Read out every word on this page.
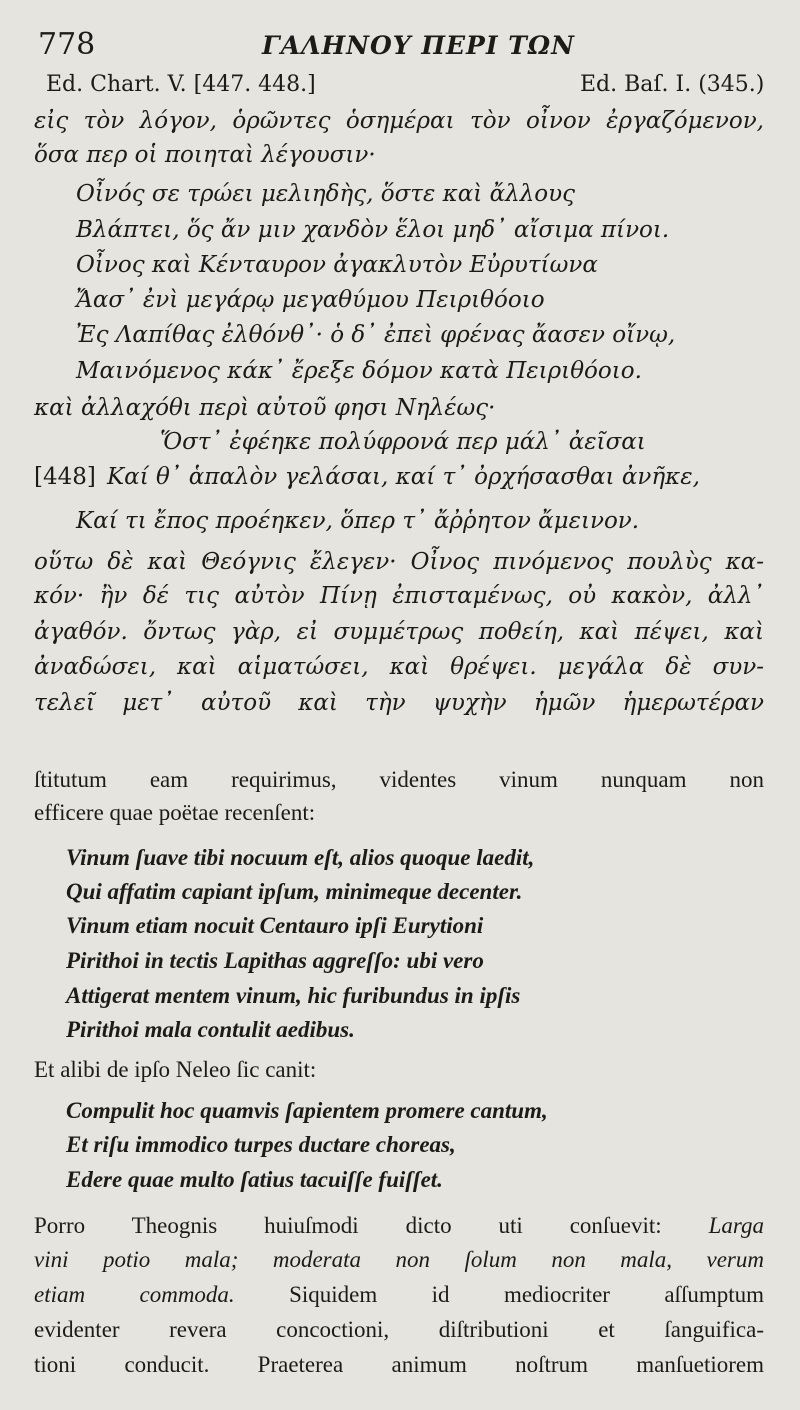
778	ΓΑΛΗΝΟΥ ΠΕΡΙ ΤΩΝ
Ed. Chart. V. [447. 448.]	Ed. Baſ. I. (345.)
εἰς τὸν λόγον, ὁρῶντες ὁσημέραι τὸν οἶνον ἐργαζόμενον,
ὅσα περ οἱ ποιηταὶ λέγουσιν·
Οἶνός σε τρώει μελιηδὴς, ὅστε καὶ ἄλλους
Βλάπτει, ὅς ἄν μιν χανδὸν ἕλοι μηδ᾽ αἴσιμα πίνοι.
Οἶνος καὶ Κένταυρον ἀγακλυτὸν Εὐρυτίωνα
Ἄασ᾽ ἐνὶ μεγάρῳ μεγαθύμου Πειριθόοιο
Ἐς Λαπίθας ἐλθόνθ᾽· ὁ δ᾽ ἐπεὶ φρένας ἄασεν οἴνῳ,
Μαινόμενος κάκ᾽ ἔρεξε δόμον κατὰ Πειριθόοιο.
καὶ ἀλλαχόθι περὶ αὐτοῦ φησι Νηλέως·
Ὅστ᾽ ἐφέηκε πολύφρονά περ μάλ᾽ ἀεῖσαι
[448] Καί θ᾽ ἁπαλὸν γελάσαι, καί τ᾽ ὀρχήσασθαι ἀνῆκε,
Καί τι ἔπος προέηκεν, ὅπερ τ᾽ ἄῤῥητον ἄμεινον.
οὕτω δὲ καὶ Θεόγνις ἔλεγεν· Οἶνος πινόμενος πουλὺς κα-
κόν· ἢν δέ τις αὐτὸν Πίνῃ ἐπισταμένως, οὐ κακὸν, ἀλλ᾽
ἀγαθόν. ὄντως γὰρ, εἰ συμμέτρως ποθείη, καὶ πέψει, καὶ
ἀναδώσει, καὶ αἱματώσει, καὶ θρέψει. μεγάλα δὲ συν-
τελεῖ μετ᾽ αὐτοῦ καὶ τὴν ψυχὴν ἡμῶν ἡμερωτέραν
ſtitutum eam requirimus, videntes vinum nunquam non
efficere quae poëtae recenſent:
Vinum ſuave tibi nocuum eſt, alios quoque laedit,
Qui affatim capiant ipſum, minimeque decenter.
Vinum etiam nocuit Centauro ipſi Eurytioni
Pirithoi in tectis Lapithas aggreſſo: ubi vero
Attigerat mentem vinum, hic furibundus in ipſis
Pirithoi mala contulit aedibus.
Et alibi de ipſo Neleo ſic canit:
Compulit hoc quamvis ſapientem promere cantum,
Et riſu immodico turpes ductare choreas,
Edere quae multo ſatius tacuiſſe fuiſſet.
Porro Theognis huiuſmodi dicto uti conſuevit: Larga
vini potio mala; moderata non ſolum non mala, verum
etiam commoda. Siquidem id mediocriter aſſumptum
evidenter revera concoctioni, diſtributioni et ſanguifica-
tioni conducit. Praeterea animum noſtrum manſuetiorem
